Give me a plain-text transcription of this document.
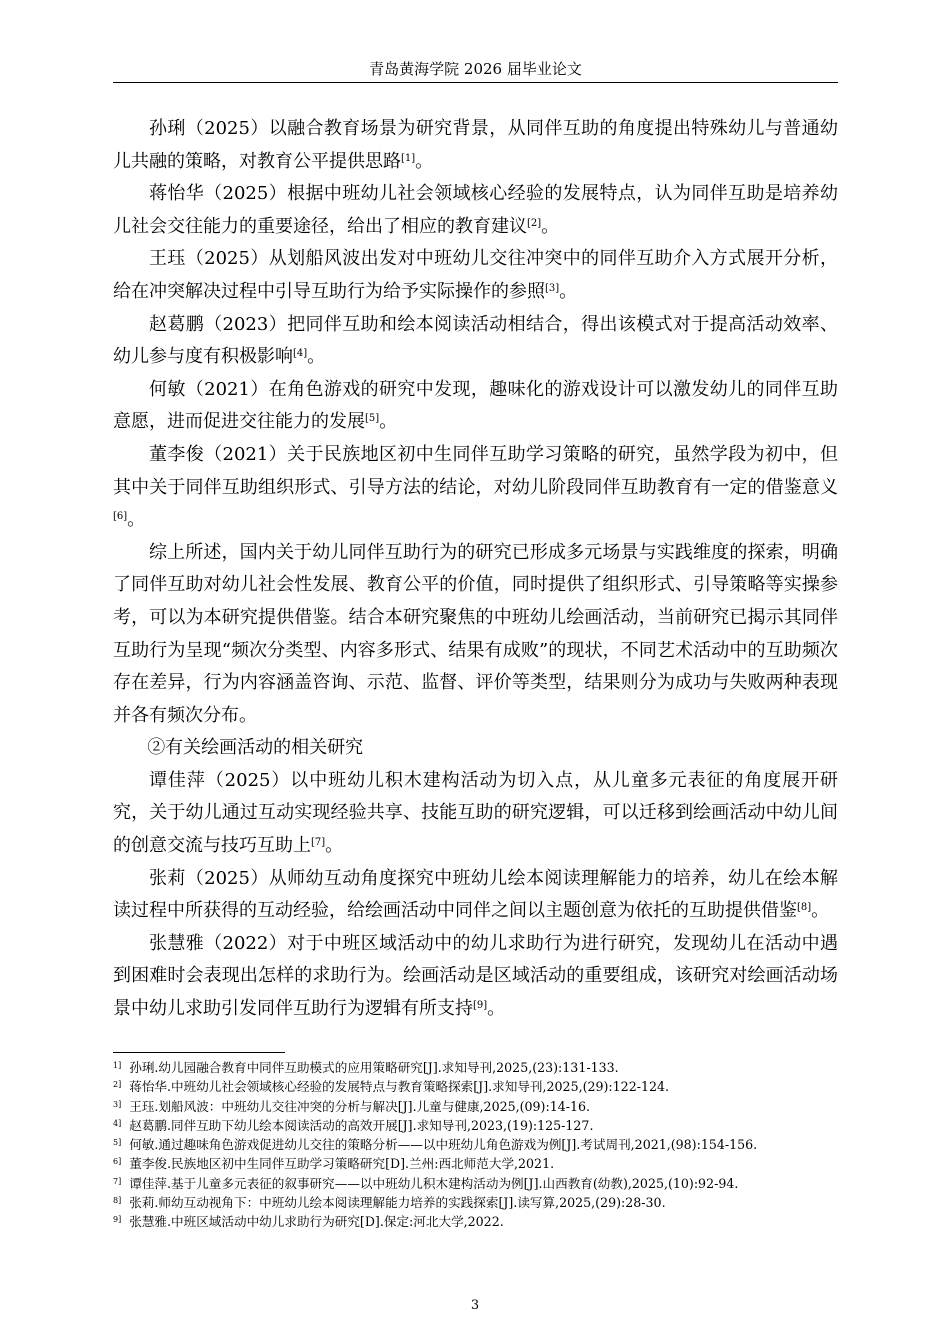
青岛黄海学院 2026 届毕业论文

孙琍（2025）以融合教育场景为研究背景，从同伴互助的角度提出特殊幼儿与普通幼儿共融的策略，对教育公平提供思路[1]。

蒋怡华（2025）根据中班幼儿社会领域核心经验的发展特点，认为同伴互助是培养幼儿社会交往能力的重要途径，给出了相应的教育建议[2]。

王珏（2025）从划船风波出发对中班幼儿交往冲突中的同伴互助介入方式展开分析，给在冲突解决过程中引导互助行为给予实际操作的参照[3]。

赵葛鹏（2023）把同伴互助和绘本阅读活动相结合，得出该模式对于提高活动效率、幼儿参与度有积极影响[4]。

何敏（2021）在角色游戏的研究中发现，趣味化的游戏设计可以激发幼儿的同伴互助意愿，进而促进交往能力的发展[5]。

董李俊（2021）关于民族地区初中生同伴互助学习策略的研究，虽然学段为初中，但其中关于同伴互助组织形式、引导方法的结论，对幼儿阶段同伴互助教育有一定的借鉴意义[6]。

综上所述，国内关于幼儿同伴互助行为的研究已形成多元场景与实践维度的探索，明确了同伴互助对幼儿社会性发展、教育公平的价值，同时提供了组织形式、引导策略等实操参考，可以为本研究提供借鉴。结合本研究聚焦的中班幼儿绘画活动，当前研究已揭示其同伴互助行为呈现“频次分类型、内容多形式、结果有成败”的现状，不同艺术活动中的互助频次存在差异，行为内容涵盖咨询、示范、监督、评价等类型，结果则分为成功与失败两种表现并各有频次分布。

②有关绘画活动的相关研究

谭佳萍（2025）以中班幼儿积木建构活动为切入点，从儿童多元表征的角度展开研究，关于幼儿通过互动实现经验共享、技能互助的研究逻辑，可以迁移到绘画活动中幼儿间的创意交流与技巧互助上[7]。

张莉（2025）从师幼互动角度探究中班幼儿绘本阅读理解能力的培养，幼儿在绘本解读过程中所获得的互动经验，给绘画活动中同伴之间以主题创意为依托的互助提供借鉴[8]。

张慧雅（2022）对于中班区域活动中的幼儿求助行为进行研究，发现幼儿在活动中遇到困难时会表现出怎样的求助行为。绘画活动是区域活动的重要组成，该研究对绘画活动场景中幼儿求助引发同伴互助行为逻辑有所支持[9]。

$^{1]}$ 孙琍.幼儿园融合教育中同伴互助模式的应用策略研究[J].求知导刊,2025,(23):131-133.
$^{2]}$ 蒋怡华.中班幼儿社会领域核心经验的发展特点与教育策略探索[J].求知导刊,2025,(29):122-124.
$^{3]}$ 王珏.划船风波：中班幼儿交往冲突的分析与解决[J].儿童与健康,2025,(09):14-16.
$^{4]}$ 赵葛鹏.同伴互助下幼儿绘本阅读活动的高效开展[J].求知导刊,2023,(19):125-127.
$^{5]}$ 何敏.通过趣味角色游戏促进幼儿交往的策略分析——以中班幼儿角色游戏为例[J].考试周刊,2021,(98):154-156.
$^{6]}$ 董李俊.民族地区初中生同伴互助学习策略研究[D].兰州:西北师范大学,2021.
$^{7]}$ 谭佳萍.基于儿童多元表征的叙事研究——以中班幼儿积木建构活动为例[J].山西教育(幼教),2025,(10):92-94.
$^{8]}$ 张莉.师幼互动视角下：中班幼儿绘本阅读理解能力培养的实践探索[J].读写算,2025,(29):28-30.
$^{9]}$ 张慧雅.中班区域活动中幼儿求助行为研究[D].保定:河北大学,2022.
3
